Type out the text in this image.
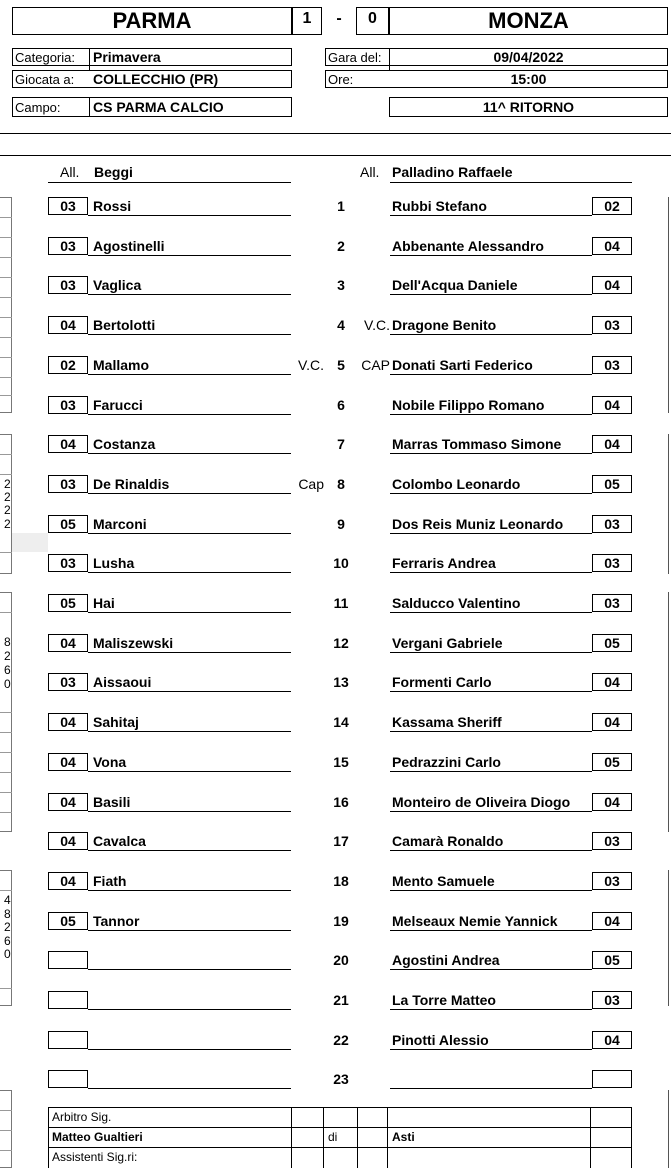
PARMA	1	-	0	MONZA
Categoria: Primavera
Giocata a: COLLECCHIO (PR)
Campo: CS PARMA CALCIO
Gara del:	09/04/2022
Ore:	15:00
11^ RITORNO
All. Beggi	All. Palladino Raffaele
03	Rossi	1	Rubbi Stefano	02
03	Agostinelli	2	Abbenante Alessandro	04
03	Vaglica	3	Dell'Acqua Daniele	04
04	Bertolotti	4	V.C. Dragone Benito	03
02	Mallamo	V.C. 5	CAP Donati Sarti Federico	03
03	Farucci	6	Nobile Filippo Romano	04
04	Costanza	7	Marras Tommaso Simone	04
03	De Rinaldis	Cap 8	Colombo Leonardo	05
05	Marconi	9	Dos Reis Muniz Leonardo	03
03	Lusha	10	Ferraris Andrea	03
05	Hai	11	Salducco Valentino	03
04	Maliszewski	12	Vergani Gabriele	05
03	Aissaoui	13	Formenti Carlo	04
04	Sahitaj	14	Kassama Sheriff	04
04	Vona	15	Pedrazzini Carlo	05
04	Basili	16	Monteiro de Oliveira Diogo	04
04	Cavalca	17	Camarà Ronaldo	03
04	Fiath	18	Mento Samuele	03
05	Tannor	19	Melseaux Nemie Yannick	04
20	Agostini Andrea	05
21	La Torre Matteo	03
22	Pinotti Alessio	04
23
2
2
2
2
8
2
6
0
4
8
2
6
0
Arbitro Sig.
Matteo Gualtieri	di	Asti
Assistenti Sig.ri:
